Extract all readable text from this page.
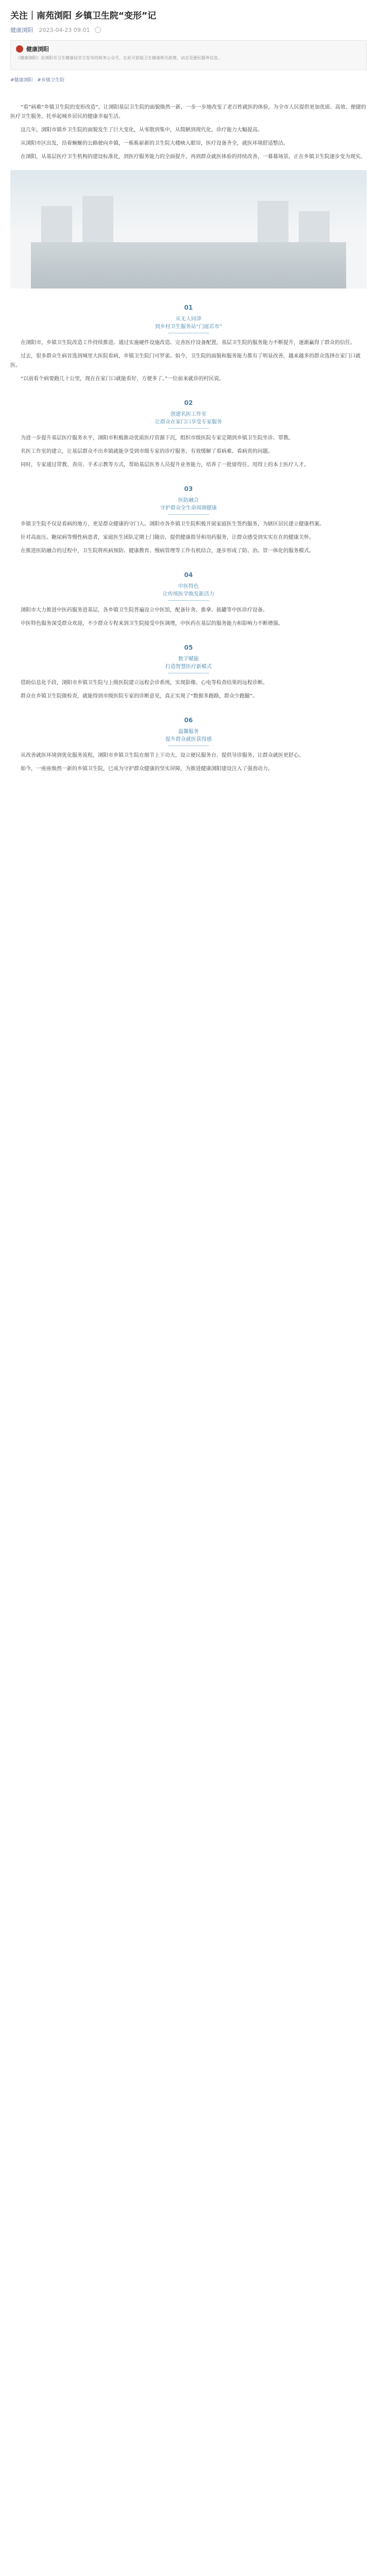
关注｜南苑浏阳 乡镇卫生院“变形”记
健康浏阳 2023-04-23 09:01
健康浏阳
《健康浏阳》是浏阳市卫生健康局官方发布的政务公众号，在此可获取卫生健康相关政策、动态及便民服务信息。
#健康浏阳 #乡镇卫生院

“看”病难“乡镇卫生院的变形改造”，让浏阳基层卫生院的面貌焕然一新，一步一步地改变了老百姓就医的体验，为全市人民提供更加优质、高效、便捷的医疗卫生服务，托举起城乡居民的健康幸福生活。

这几年，浏阳市镇乡卫生院的面貌发生了巨大变化，从零散到集中，从简陋到现代化，诊疗能力大幅提高。

从浏阳市区出发，沿着蜿蜒的公路驶向乡镇，一栋栋崭新的卫生院大楼映入眼帘，医疗设备齐全，就医环境舒适整洁。

在浏阳，从基层医疗卫生机构的建设标准化，到医疗服务能力的全面提升，再到群众就医体验的持续改善，一幕幕场景，正在乡镇卫生院逐步变为现实。

01
从无人问津
到乡村卫生服务站“门庭若市”

在浏阳市，乡镇卫生院改造工作持续推进。通过实施硬件设施改造、完善医疗设备配置，基层卫生院的服务能力不断提升，逐渐赢得了群众的信任。

过去，很多群众生病首选到城里大医院看病，乡镇卫生院门可罗雀。如今，卫生院的面貌和服务能力都有了明显改善，越来越多的群众选择在家门口就医。

“以前看个病要跑几十公里，现在在家门口就能看好，方便多了。”一位前来就诊的村民说。

02
创建名医工作室
让群众在家门口享受专家服务

为进一步提升基层医疗服务水平，浏阳市积极推动优质医疗资源下沉，组织市级医院专家定期到乡镇卫生院坐诊、带教。

名医工作室的建立，让基层群众不出乡镇就能享受到市级专家的诊疗服务，有效缓解了看病难、看病贵的问题。

同时，专家通过带教、查房、手术示教等方式，帮助基层医务人员提升业务能力，培养了一批留得住、用得上的本土医疗人才。

03
医防融合
守护群众全生命周期健康

乡镇卫生院不仅是看病的地方，更是群众健康的守门人。浏阳市各乡镇卫生院积极开展家庭医生签约服务，为辖区居民建立健康档案。

针对高血压、糖尿病等慢性病患者，家庭医生团队定期上门随访，提供健康指导和用药服务，让群众感受到实实在在的健康关怀。

在推进医防融合的过程中，卫生院将疾病预防、健康教育、慢病管理等工作有机结合，逐步形成了防、治、管一体化的服务模式。

04
中医特色
让传统医学焕发新活力

浏阳市大力推进中医药服务进基层，各乡镇卫生院普遍设立中医馆，配备针灸、推拿、拔罐等中医诊疗设备。

中医特色服务深受群众欢迎，不少群众专程来到卫生院接受中医调理，中医药在基层的服务能力和影响力不断增强。

05
数字赋能
打造智慧医疗新模式

借助信息化手段，浏阳市乡镇卫生院与上级医院建立远程会诊系统，实现影像、心电等检查结果的远程诊断。

群众在乡镇卫生院做检查，就能得到市级医院专家的诊断意见，真正实现了“数据多跑路，群众少跑腿”。

06
温馨服务
提升群众就医获得感

从改善就医环境到优化服务流程，浏阳市乡镇卫生院在细节上下功夫，设立便民服务台、提供导诊服务，让群众就医更舒心。

如今，一座座焕然一新的乡镇卫生院，已成为守护群众健康的坚实屏障，为推进健康浏阳建设注入了强劲动力。
